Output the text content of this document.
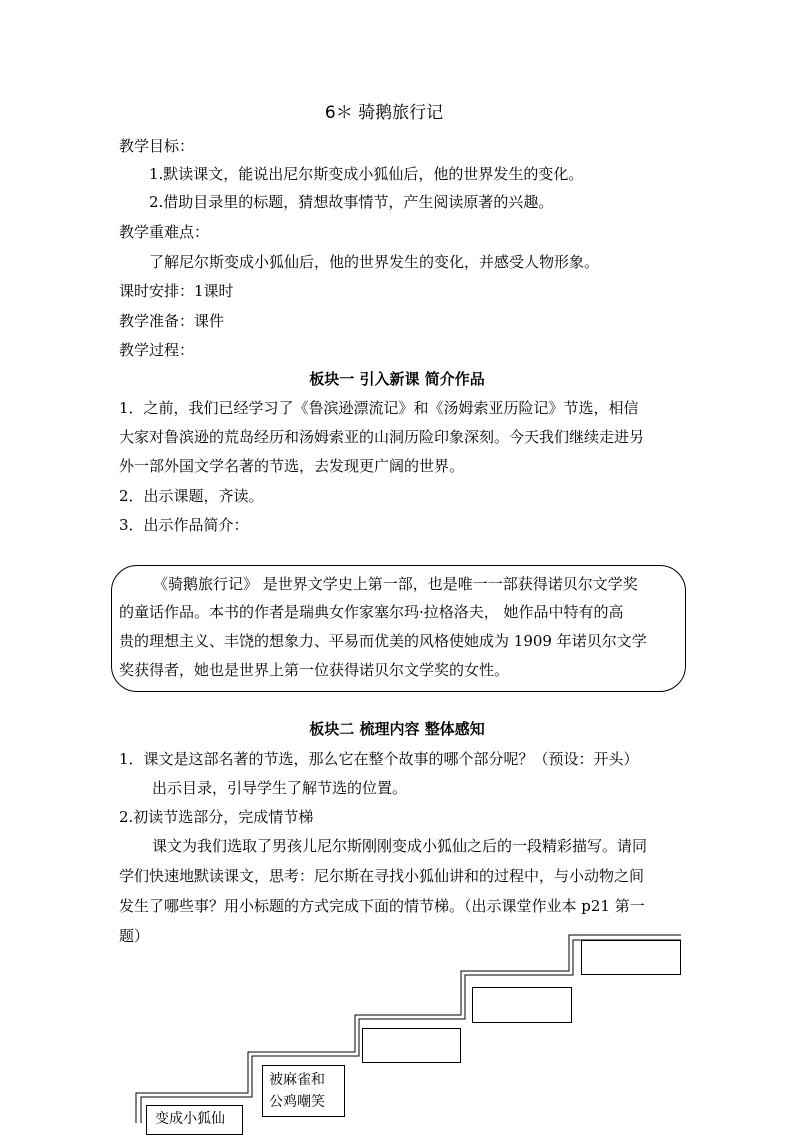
6＊ 骑鹅旅行记
教学目标：
1.默读课文，能说出尼尔斯变成小狐仙后，他的世界发生的变化。
2.借助目录里的标题，猜想故事情节，产生阅读原著的兴趣。
教学重难点：
了解尼尔斯变成小狐仙后，他的世界发生的变化，并感受人物形象。
课时安排：1课时
教学准备：课件
教学过程：
板块一 引入新课 简介作品
1．之前，我们已经学习了《鲁滨逊漂流记》和《汤姆索亚历险记》节选，相信
大家对鲁滨逊的荒岛经历和汤姆索亚的山洞历险印象深刻。今天我们继续走进另
外一部外国文学名著的节选，去发现更广阔的世界。
2．出示课题，齐读。
3．出示作品简介：
《骑鹅旅行记》 是世界文学史上第一部，也是唯一一部获得诺贝尔文学奖
的童话作品。本书的作者是瑞典女作家塞尔玛·拉格洛夫， 她作品中特有的高
贵的理想主义、丰饶的想象力、平易而优美的风格使她成为 1909 年诺贝尔文学
奖获得者，她也是世界上第一位获得诺贝尔文学奖的女性。
板块二 梳理内容 整体感知
1．课文是这部名著的节选，那么它在整个故事的哪个部分呢？（预设：开头）
出示目录，引导学生了解节选的位置。
2.初读节选部分，完成情节梯
课文为我们选取了男孩儿尼尔斯刚刚变成小狐仙之后的一段精彩描写。请同
学们快速地默读课文，思考：尼尔斯在寻找小狐仙讲和的过程中，与小动物之间
发生了哪些事？用小标题的方式完成下面的情节梯。（出示课堂作业本 p21 第一
题）
变成小狐仙
被麻雀和
公鸡嘲笑
